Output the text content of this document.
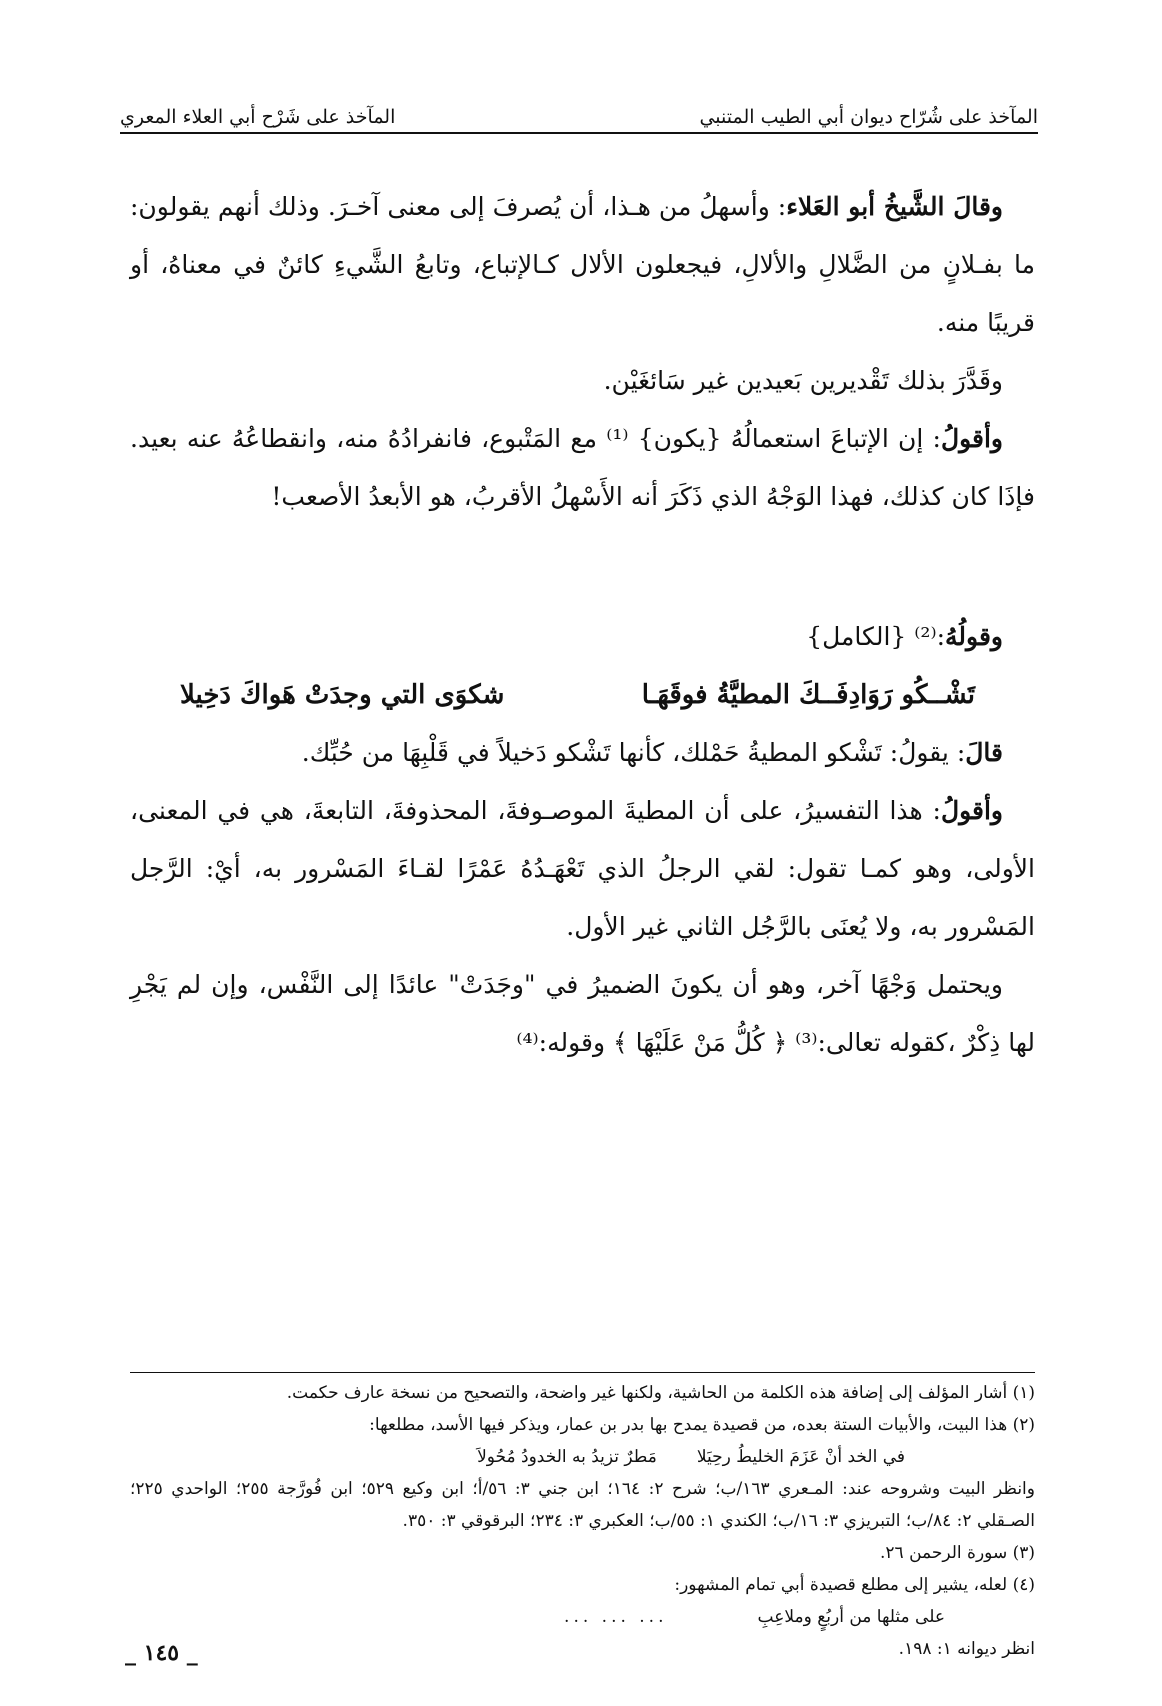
المآخذ على شُرّاح ديوان أبي الطيب المتنبي
المآخذ على شَرْح أبي العلاء المعري

وقالَ الشَّيخُ أبو العَلاء: وأسهلُ من هـذا، أن يُصرفَ إلى معنى آخـرَ. وذلك أنهم يقولون: ما بفـلانٍ من الضَّلالِ والألالِ، فيجعلون الألال كـالإتباع، وتابعُ الشَّيءِ كائنٌ في معناهُ، أو قريبًا منه.

وقَدَّرَ بذلك تَقْديرين بَعيدين غير سَائغَيْن.

وأقولُ: إن الإتباعَ استعمالُهُ {يكون} ⁽¹⁾ مع المَتْبوع، فانفرادُهُ منه، وانقطاعُهُ عنه بعيد. فإذَا كان كذلك، فهذا الوَجْهُ الذي ذَكَرَ أنه الأَسْهلُ الأقربُ، هو الأبعدُ الأصعب!

وقولُهُ:⁽²⁾ {الكامل}

تَشْــكُو رَوَادِفَــكَ المطيَّةُ فوقَهَـا
شكوَى التي وجدَتْ هَواكَ دَخِيلا

قالَ: يقولُ: تَشْكو المطيةُ حَمْلك، كأنها تَشْكو دَخيلاً في قَلْبِهَا من حُبِّك.

وأقولُ: هذا التفسيرُ، على أن المطيةَ الموصـوفةَ، المحذوفةَ، التابعةَ، هي في المعنى، الأولى، وهو كمـا تقول: لقي الرجلُ الذي تَعْهَـدُهُ عَمْرًا لقـاءَ المَسْرور به، أيْ: الرَّجل المَسْرور به، ولا يُعنَى بالرَّجُل الثاني غير الأول.

ويحتمل وَجْهًا آخر، وهو أن يكونَ الضميرُ في "وجَدَتْ" عائدًا إلى النَّفْس، وإن لم يَجْرِ لها ذِكْرٌ ،كقوله تعالى:⁽³⁾ ﴿ كُلُّ مَنْ عَلَيْهَا ﴾ وقوله:⁽⁴⁾

(١) أشار المؤلف إلى إضافة هذه الكلمة من الحاشية، ولكنها غير واضحة، والتصحيح من نسخة عارف حكمت.

(٢) هذا البيت، والأبيات الستة بعده، من قصيدة يمدح بها بدر بن عمار، ويذكر فيها الأسد، مطلعها:

في الخد أنْ عَزَمَ الخليطُ رحِيَلا
مَطرٌ تزيدُ به الخدودُ مُحُولاَ

وانظر البيت وشروحه عند: المـعري ١٦٣/ب؛ شرح ٢: ١٦٤؛ ابن جني ٣: ٥٦/أ؛ ابن وكيع ٥٢٩؛ ابن فُورَّجة ٢٥٥؛ الواحدي ٢٢٥؛ الصـقلي ٢: ٨٤/ب؛ التبريزي ٣: ١٦/ب؛ الكندي ١: ٥٥/ب؛ العكبري ٣: ٢٣٤؛ البرقوقي ٣: ٣٥٠.

(٣) سورة الرحمن ٢٦.

(٤) لعله، يشير إلى مطلع قصيدة أبي تمام المشهور:

على مثلها من أربُعٍ وملاعِبِ
... ... ...

انظر ديوانه ١: ١٩٨.

_ ١٤٥ _
